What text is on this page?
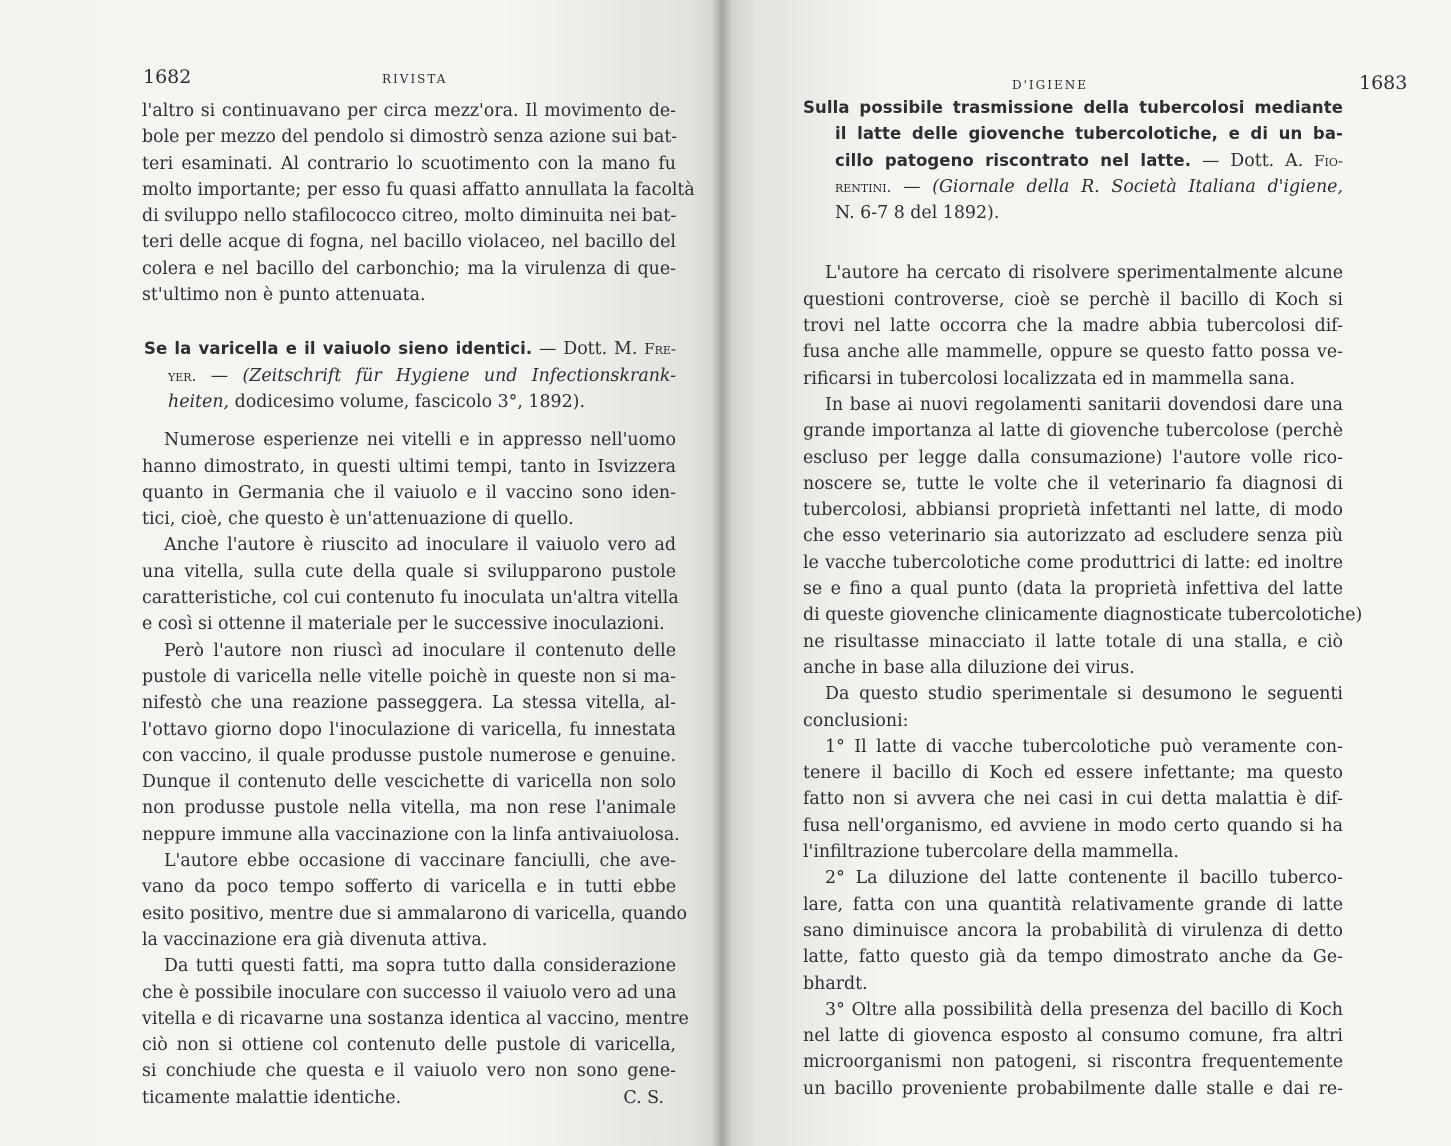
1682	RIVISTA

l'altro si continuavano per circa mezz'ora. Il movimento de-
bole per mezzo del pendolo si dimostrò senza azione sui bat-
teri esaminati. Al contrario lo scuotimento con la mano fu
molto importante; per esso fu quasi affatto annullata la facoltà
di sviluppo nello stafilococco citreo, molto diminuita nei bat-
teri delle acque di fogna, nel bacillo violaceo, nel bacillo del
colera e nel bacillo del carbonchio; ma la virulenza di que-
st'ultimo non è punto attenuata.

Se la varicella e il vaiuolo sieno identici. — Dott. M. Fre-
yer. — (Zeitschrift für Hygiene und Infectionskrank-
heiten, dodicesimo volume, fascicolo 3°, 1892).

Numerose esperienze nei vitelli e in appresso nell'uomo
hanno dimostrato, in questi ultimi tempi, tanto in Isvizzera
quanto in Germania che il vaiuolo e il vaccino sono iden-
tici, cioè, che questo è un'attenuazione di quello.

Anche l'autore è riuscito ad inoculare il vaiuolo vero ad
una vitella, sulla cute della quale si svilupparono pustole
caratteristiche, col cui contenuto fu inoculata un'altra vitella
e così si ottenne il materiale per le successive inoculazioni.

Però l'autore non riuscì ad inoculare il contenuto delle
pustole di varicella nelle vitelle poichè in queste non si ma-
nifestò che una reazione passeggera. La stessa vitella, al-
l'ottavo giorno dopo l'inoculazione di varicella, fu innestata
con vaccino, il quale produsse pustole numerose e genuine.
Dunque il contenuto delle vescichette di varicella non solo
non produsse pustole nella vitella, ma non rese l'animale
neppure immune alla vaccinazione con la linfa antivaiuolosa.

L'autore ebbe occasione di vaccinare fanciulli, che ave-
vano da poco tempo sofferto di varicella e in tutti ebbe
esito positivo, mentre due si ammalarono di varicella, quando
la vaccinazione era già divenuta attiva.

Da tutti questi fatti, ma sopra tutto dalla considerazione
che è possibile inoculare con successo il vaiuolo vero ad una
vitella e di ricavarne una sostanza identica al vaccino, mentre
ciò non si ottiene col contenuto delle pustole di varicella,
si conchiude che questa e il vaiuolo vero non sono gene-

ticamente malattie identiche.	C. S.
D'IGIENE	1683
Sulla possibile trasmissione della tubercolosi mediante
il latte delle giovenche tubercolotiche, e di un ba-
cillo patogeno riscontrato nel latte. — Dott. A. Fio-
rentini. — (Giornale della R. Società Italiana d'igiene,
N. 6-7 8 del 1892).

L'autore ha cercato di risolvere sperimentalmente alcune
questioni controverse, cioè se perchè il bacillo di Koch si
trovi nel latte occorra che la madre abbia tubercolosi dif-
fusa anche alle mammelle, oppure se questo fatto possa ve-
rificarsi in tubercolosi localizzata ed in mammella sana.

In base ai nuovi regolamenti sanitarii dovendosi dare una
grande importanza al latte di giovenche tubercolose (perchè
escluso per legge dalla consumazione) l'autore volle rico-
noscere se, tutte le volte che il veterinario fa diagnosi di
tubercolosi, abbiansi proprietà infettanti nel latte, di modo
che esso veterinario sia autorizzato ad escludere senza più
le vacche tubercolotiche come produttrici di latte: ed inoltre
se e fino a qual punto (data la proprietà infettiva del latte
di queste giovenche clinicamente diagnosticate tubercolotiche)
ne risultasse minacciato il latte totale di una stalla, e ciò
anche in base alla diluzione dei virus.

Da questo studio sperimentale si desumono le seguenti
conclusioni:

1° Il latte di vacche tubercolotiche può veramente con-
tenere il bacillo di Koch ed essere infettante; ma questo
fatto non si avvera che nei casi in cui detta malattia è dif-
fusa nell'organismo, ed avviene in modo certo quando si ha
l'infiltrazione tubercolare della mammella.

2° La diluzione del latte contenente il bacillo tuberco-
lare, fatta con una quantità relativamente grande di latte
sano diminuisce ancora la probabilità di virulenza di detto
latte, fatto questo già da tempo dimostrato anche da Ge-
bhardt.

3° Oltre alla possibilità della presenza del bacillo di Koch
nel latte di giovenca esposto al consumo comune, fra altri
microorganismi non patogeni, si riscontra frequentemente
un bacillo proveniente probabilmente dalle stalle e dai re-
